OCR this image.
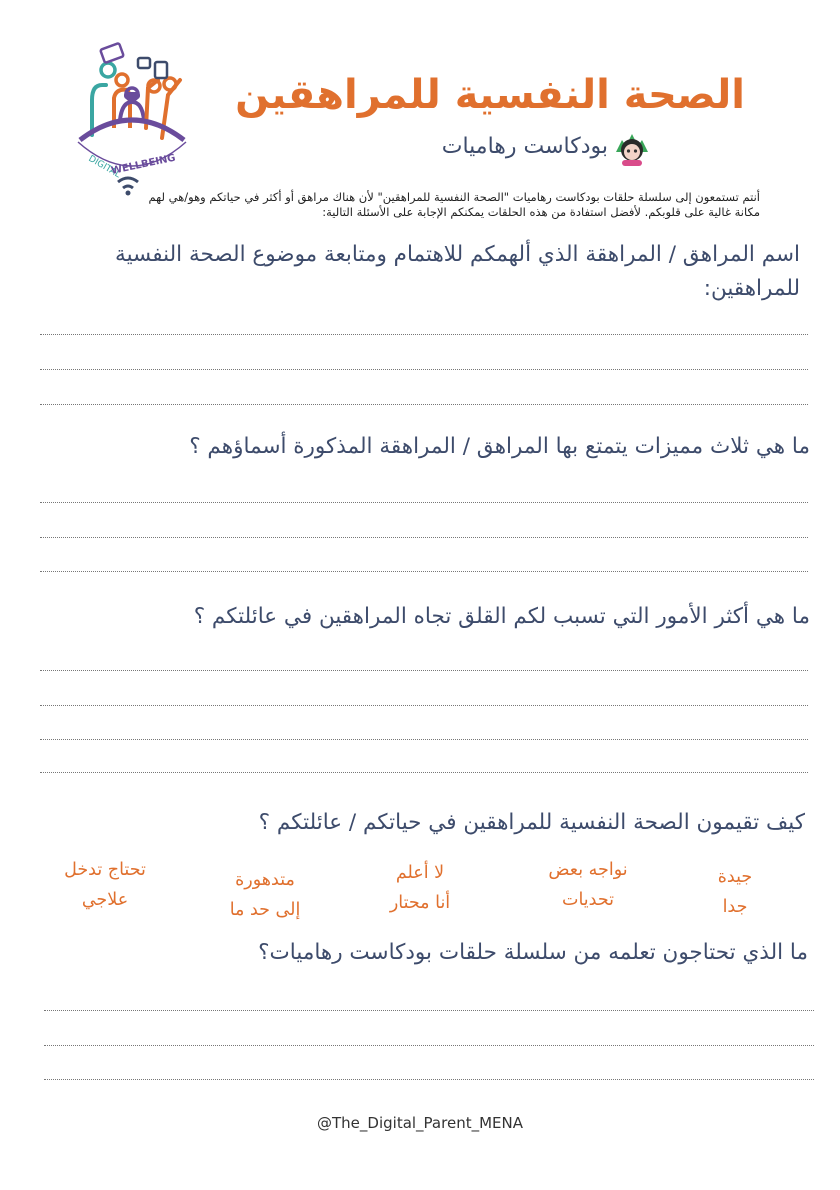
DIGITAL
WELLBEING
الصحة النفسية للمراهقين
بودكاست رهاميات
أنتم تستمعون إلى سلسلة حلقات بودكاست رهاميات "الصحة النفسية للمراهقين" لأن هناك مراهق أو أكثر في حياتكم وهو/هي لهم مكانة غالية على قلوبكم. لأفضل استفادة من هذه الحلقات يمكنكم الإجابة على الأسئلة التالية:
اسم المراهق / المراهقة الذي ألهمكم للاهتمام ومتابعة موضوع الصحة النفسية للمراهقين:
ما هي ثلاث مميزات يتمتع بها المراهق / المراهقة المذكورة أسماؤهم ؟
ما هي أكثر الأمور التي تسبب لكم القلق تجاه المراهقين في عائلتكم ؟
كيف تقيمون الصحة النفسية للمراهقين في حياتكم / عائلتكم ؟
جيدة
جدا
نواجه بعض
تحديات
لا أعلم
أنا محتار
متدهورة
إلى حد ما
تحتاج تدخل
علاجي
ما الذي تحتاجون تعلمه من سلسلة حلقات بودكاست رهاميات؟
@The_Digital_Parent_MENA
